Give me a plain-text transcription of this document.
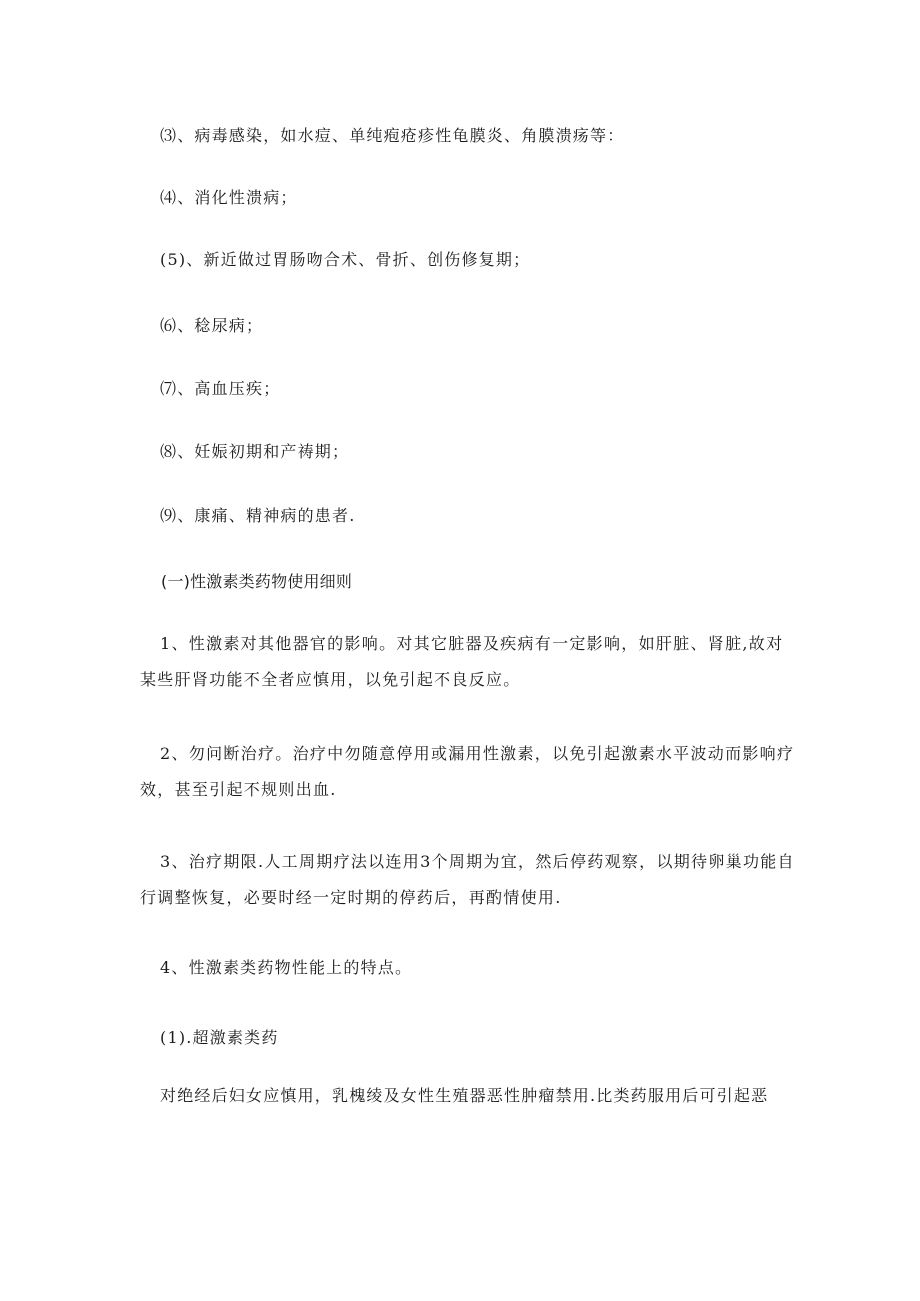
⑶、病毒感染，如水痘、单纯疱疮疹性龟膜炎、角膜溃疡等：
⑷、消化性溃病；
(5)、新近做过胃肠吻合术、骨折、创伤修复期；
⑹、稔尿病；
⑺、高血压疾；
⑻、妊娠初期和产祷期；
⑼、康痛、精神病的患者.
(一)性激素类药物使用细则
1、性激素对其他器官的影响。对其它脏器及疾病有一定影响，如肝脏、肾脏,故对某些肝肾功能不全者应慎用，以免引起不良反应。
2、勿问断治疗。治疗中勿随意停用或漏用性激素，以免引起激素水平波动而影响疗效，甚至引起不规则出血.
3、治疗期限.人工周期疗法以连用3个周期为宜，然后停药观察，以期待卵巢功能自行调整恢复，必要时经一定时期的停药后，再酌情使用.
4、性激素类药物性能上的特点。
(1).超激素类药
对绝经后妇女应慎用，乳槐绫及女性生殖器恶性肿瘤禁用.比类药服用后可引起恶
